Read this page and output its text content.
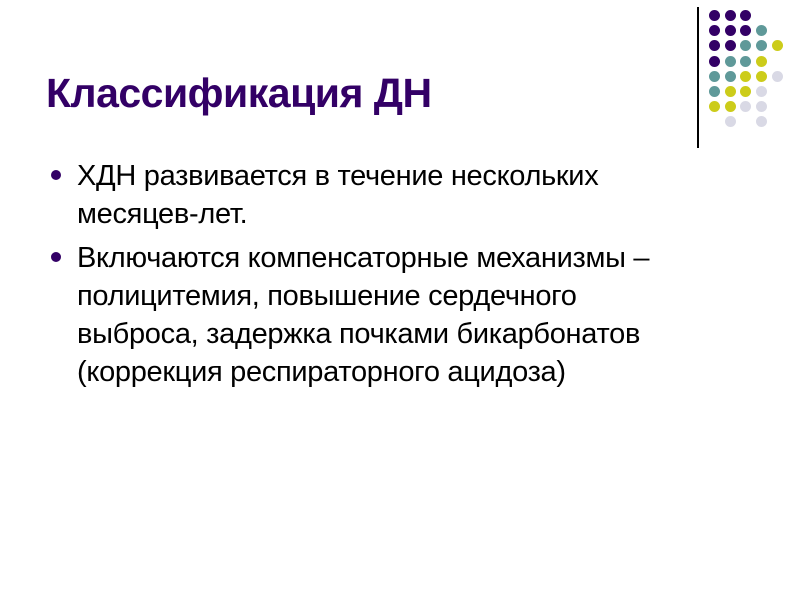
Классификация ДН
ХДН развивается в течение нескольких
месяцев-лет.
Включаются компенсаторные механизмы –
полицитемия, повышение сердечного
выброса, задержка почками бикарбонатов
(коррекция респираторного ацидоза)
